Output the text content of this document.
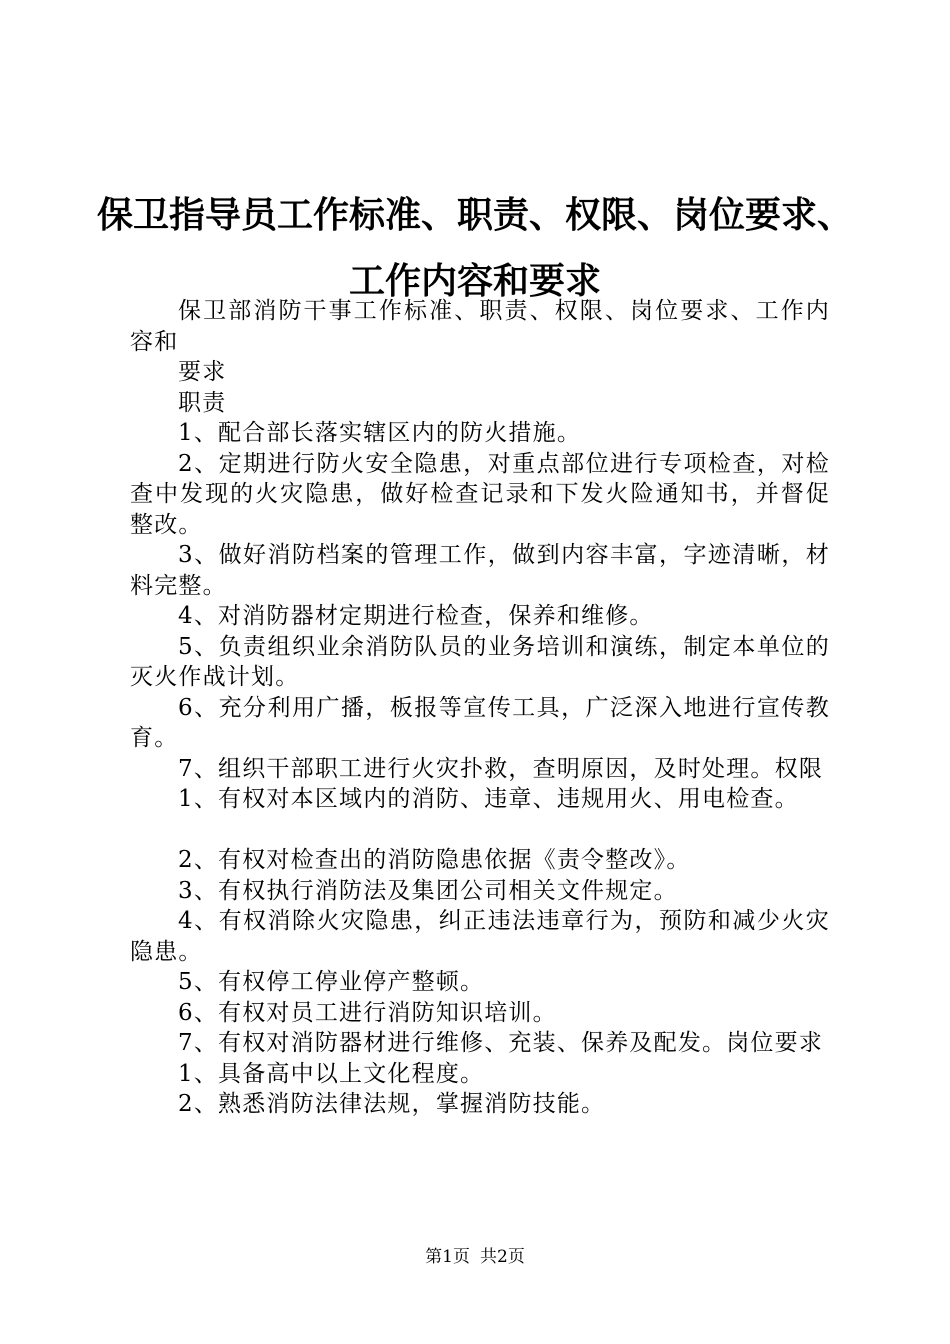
保卫指导员工作标准、职责、权限、岗位要求、
工作内容和要求

保卫部消防干事工作标准、职责、权限、岗位要求、工作内容和

要求

职责

1、配合部长落实辖区内的防火措施。

2、定期进行防火安全隐患，对重点部位进行专项检查，对检查中发现的火灾隐患，做好检查记录和下发火险通知书，并督促整改。

3、做好消防档案的管理工作，做到内容丰富，字迹清晰，材料完整。

4、对消防器材定期进行检查，保养和维修。

5、负责组织业余消防队员的业务培训和演练，制定本单位的灭火作战计划。

6、充分利用广播，板报等宣传工具，广泛深入地进行宣传教育。

7、组织干部职工进行火灾扑救，查明原因，及时处理。权限

1、有权对本区域内的消防、违章、违规用火、用电检查。

2、有权对检查出的消防隐患依据《责令整改》。

3、有权执行消防法及集团公司相关文件规定。

4、有权消除火灾隐患，纠正违法违章行为，预防和减少火灾隐患。

5、有权停工停业停产整顿。

6、有权对员工进行消防知识培训。

7、有权对消防器材进行维修、充装、保养及配发。岗位要求

1、具备高中以上文化程度。

2、熟悉消防法律法规，掌握消防技能。

第1页 共2页
